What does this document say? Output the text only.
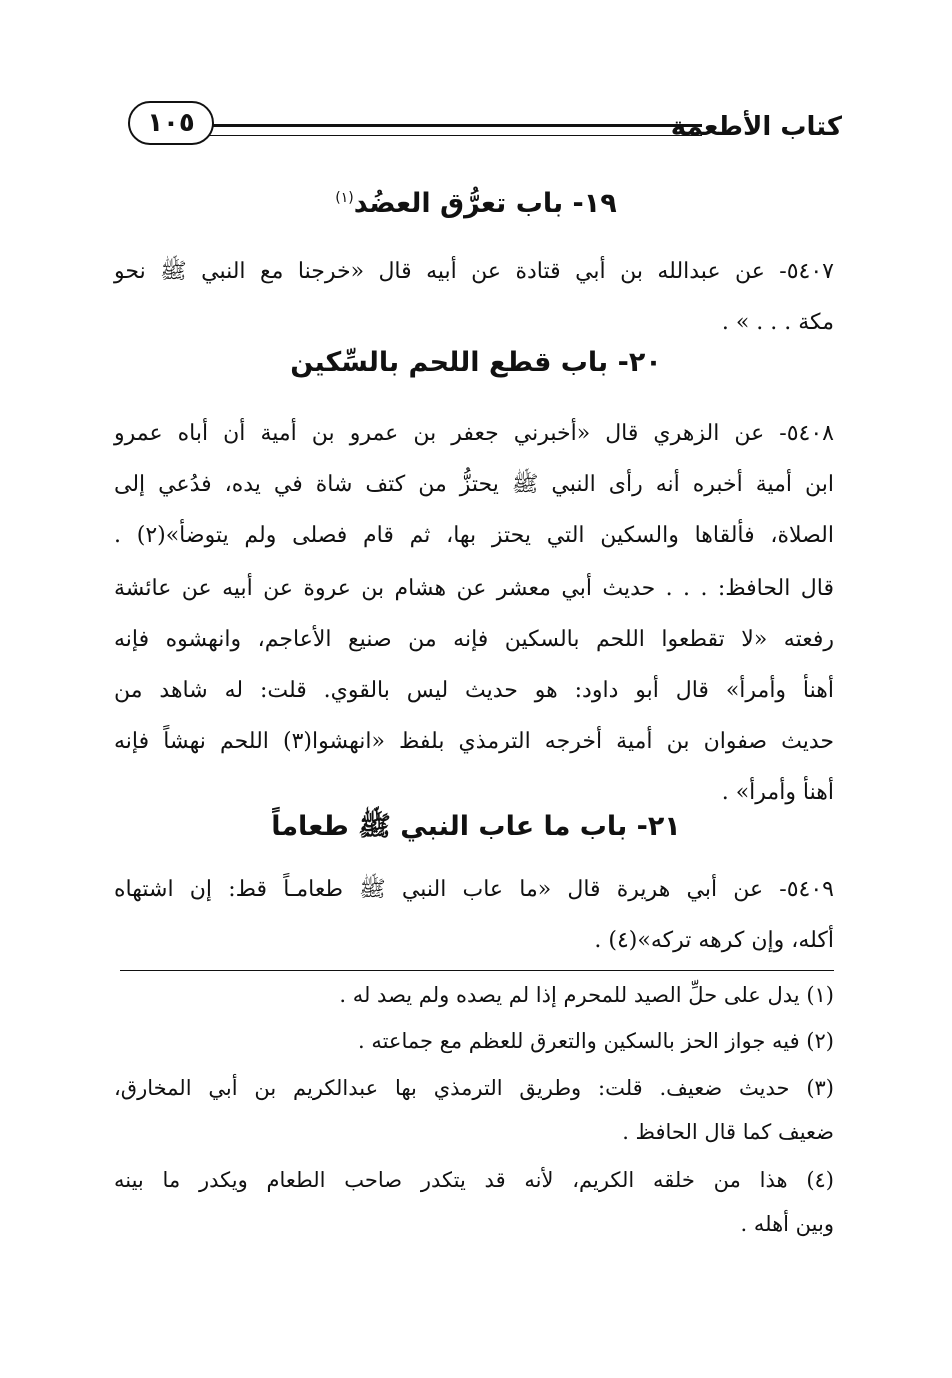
كتاب الأطعمة
١٠٥
١٩- باب تعرُّق العضُد$^{(١)}$
٥٤٠٧- عن عبدالله بن أبي قتادة عن أبيه قال «خرجنا مع النبي ﷺ نحو
مكة . . . » .
٢٠- باب قطع اللحم بالسِّكين
٥٤٠٨- عن الزهري قال «أخبرني جعفر بن عمرو بن أمية أن أباه عمرو
ابن أمية أخبره أنه رأى النبي ﷺ يحتزُّ من كتف شاة في يده، فدُعي إلى
الصلاة، فألقاها والسكين التي يحتز بها، ثم قام فصلى ولم يتوضأ»(٢) .
قال الحافظ: . . . حديث أبي معشر عن هشام بن عروة عن أبيه عن عائشة
رفعته «لا تقطعوا اللحم بالسكين فإنه من صنيع الأعاجم، وانهشوه فإنه
أهنأ وأمرأ» قال أبو داود: هو حديث ليس بالقوي. قلت: له شاهد من
حديث صفوان بن أمية أخرجه الترمذي بلفظ «انهشوا(٣) اللحم نهشاً فإنه
أهنأ وأمرأ» .
٢١- باب ما عاب النبي ﷺ طعاماً
٥٤٠٩- عن أبي هريرة قال «ما عاب النبي ﷺ طعامـاً قط: إن اشتهاه
أكله، وإن كرهه تركه»(٤) .
(١) يدل على حلِّ الصيد للمحرم إذا لم يصده ولم يصد له .
(٢) فيه جواز الحز بالسكين والتعرق للعظم مع جماعته .
(٣) حديث ضعيف. قلت: وطريق الترمذي بها عبدالكريم بن أبي المخارق،
ضعيف كما قال الحافظ .
(٤) هذا من خلقه الكريم، لأنه قد يتكدر صاحب الطعام ويكدر ما بينه
وبين أهله .
